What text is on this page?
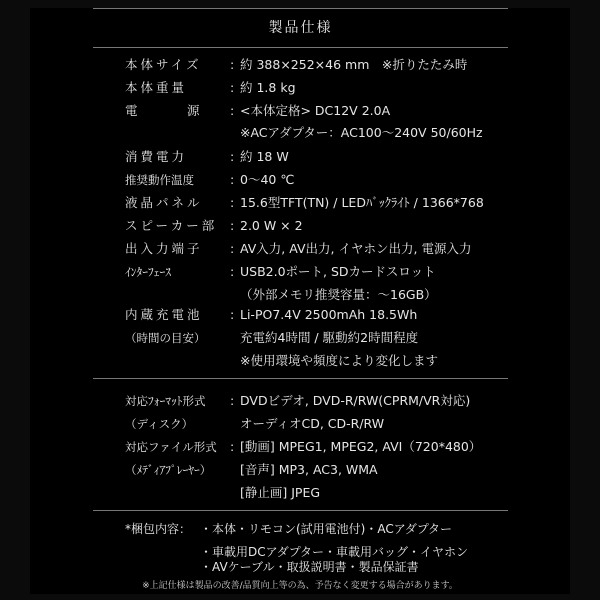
製品仕様
本体サイズ : 約 388×252×46 mm　※折りたたみ時
本体重量	: 約 1.8 kg
電　　　源 : <本体定格> DC12V 2.0A
※ACアダプター：AC100〜240V 50/60Hz
消費電力	: 約 18 W
推奨動作温度	: 0〜40 ℃
液晶パネル : 15.6型TFT(TN) / LEDﾊﾞｯｸﾗｲﾄ / 1366*768
スピーカー部 : 2.0 W × 2
出入力端子 : AV入力, AV出力, イヤホン出力, 電源入力
ｲﾝﾀｰﾌｪｰｽ	: USB2.0ポート, SDカードスロット
（外部メモリ推奨容量：〜16GB）
内蔵充電池 : Li-PO7.4V 2500mAh 18.5Wh
（時間の目安）	充電約4時間 / 駆動約2時間程度
※使用環境や頻度により変化します
対応ﾌｫｰﾏｯﾄ形式 : DVDビデオ, DVD-R/RW(CPRM/VR対応)
（ディスク）	オーディオCD, CD-R/RW
対応ファイル形式 : [動画] MPEG1, MPEG2, AVI（720*480）
（ﾒﾃﾞｨｱﾌﾟﾚｰﾔｰ） [音声] MP3, AC3, WMA
[静止画] JPEG
*梱包内容： ・本体・リモコン(試用電池付)・ACアダプター
・車載用DCアダプター・車載用バッグ・イヤホン
・AVケーブル・取扱説明書・製品保証書
※上記仕様は製品の改善/品質向上等の為、予告なく変更する場合があります。
